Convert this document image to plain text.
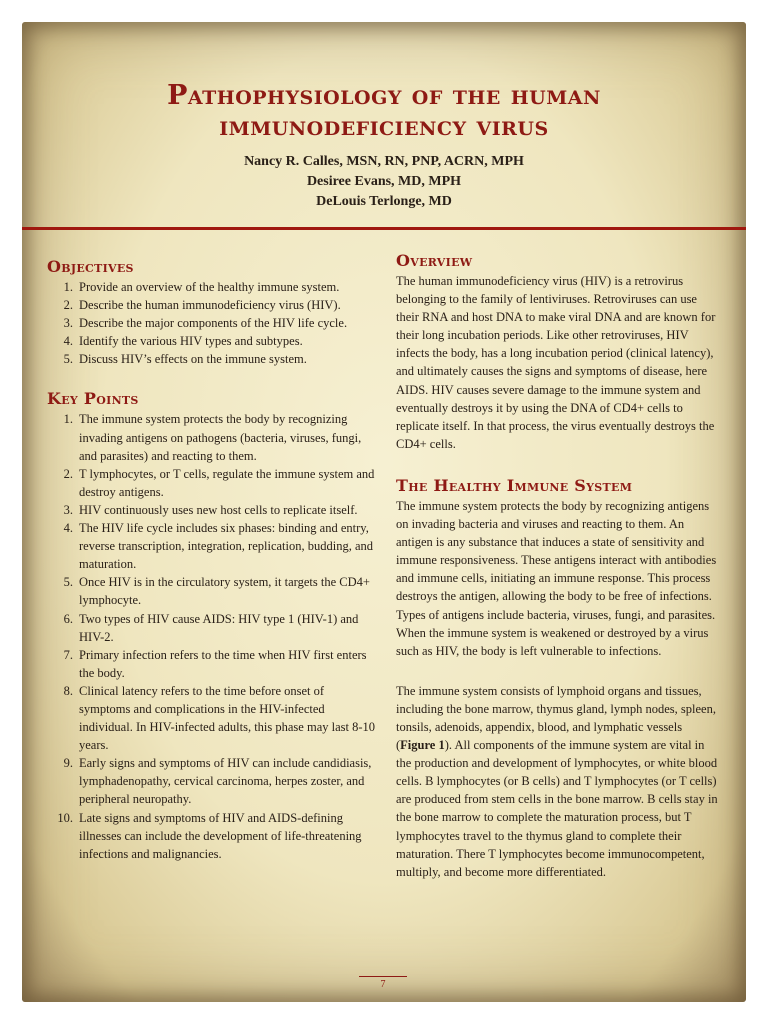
Pathophysiology of the human
immunodeficiency virus
Nancy R. Calles, MSN, RN, PNP, ACRN, MPH
Desiree Evans, MD, MPH
DeLouis Terlonge, MD
Objectives
1. Provide an overview of the healthy immune system.
2. Describe the human immunodeficiency virus (HIV).
3. Describe the major components of the HIV life cycle.
4. Identify the various HIV types and subtypes.
5. Discuss HIV’s effects on the immune system.
Key Points
1. The immune system protects the body by recognizing invading antigens on pathogens (bacteria, viruses, fungi, and parasites) and reacting to them.
2. T lymphocytes, or T cells, regulate the immune system and destroy antigens.
3. HIV continuously uses new host cells to replicate itself.
4. The HIV life cycle includes six phases: binding and entry, reverse transcription, integration, replication, budding, and maturation.
5. Once HIV is in the circulatory system, it targets the CD4+ lymphocyte.
6. Two types of HIV cause AIDS: HIV type 1 (HIV-1) and HIV-2.
7. Primary infection refers to the time when HIV first enters the body.
8. Clinical latency refers to the time before onset of symptoms and complications in the HIV-infected individual. In HIV-infected adults, this phase may last 8-10 years.
9. Early signs and symptoms of HIV can include candidiasis, lymphadenopathy, cervical carcinoma, herpes zoster, and peripheral neuropathy.
10. Late signs and symptoms of HIV and AIDS-defining illnesses can include the development of life-threatening infections and malignancies.
Overview

The human immunodeficiency virus (HIV) is a retrovirus belonging to the family of lentiviruses. Retroviruses can use their RNA and host DNA to make viral DNA and are known for their long incubation periods. Like other retroviruses, HIV infects the body, has a long incubation period (clinical latency), and ultimately causes the signs and symptoms of disease, here AIDS. HIV causes severe damage to the immune system and eventually destroys it by using the DNA of CD4+ cells to replicate itself. In that process, the virus eventually destroys the CD4+ cells.

The Healthy Immune System

The immune system protects the body by recognizing antigens on invading bacteria and viruses and reacting to them. An antigen is any substance that induces a state of sensitivity and immune responsiveness. These antigens interact with antibodies and immune cells, initiating an immune response. This process destroys the antigen, allowing the body to be free of infections. Types of antigens include bacteria, viruses, fungi, and parasites. When the immune system is weakened or destroyed by a virus such as HIV, the body is left vulnerable to infections.

The immune system consists of lymphoid organs and tissues, including the bone marrow, thymus gland, lymph nodes, spleen, tonsils, adenoids, appendix, blood, and lymphatic vessels (Figure 1). All components of the immune system are vital in the production and development of lymphocytes, or white blood cells. B lymphocytes (or B cells) and T lymphocytes (or T cells) are produced from stem cells in the bone marrow. B cells stay in the bone marrow to complete the maturation process, but T lymphocytes travel to the thymus gland to complete their maturation. There T lymphocytes become immunocompetent, multiply, and become more differentiated.

7
